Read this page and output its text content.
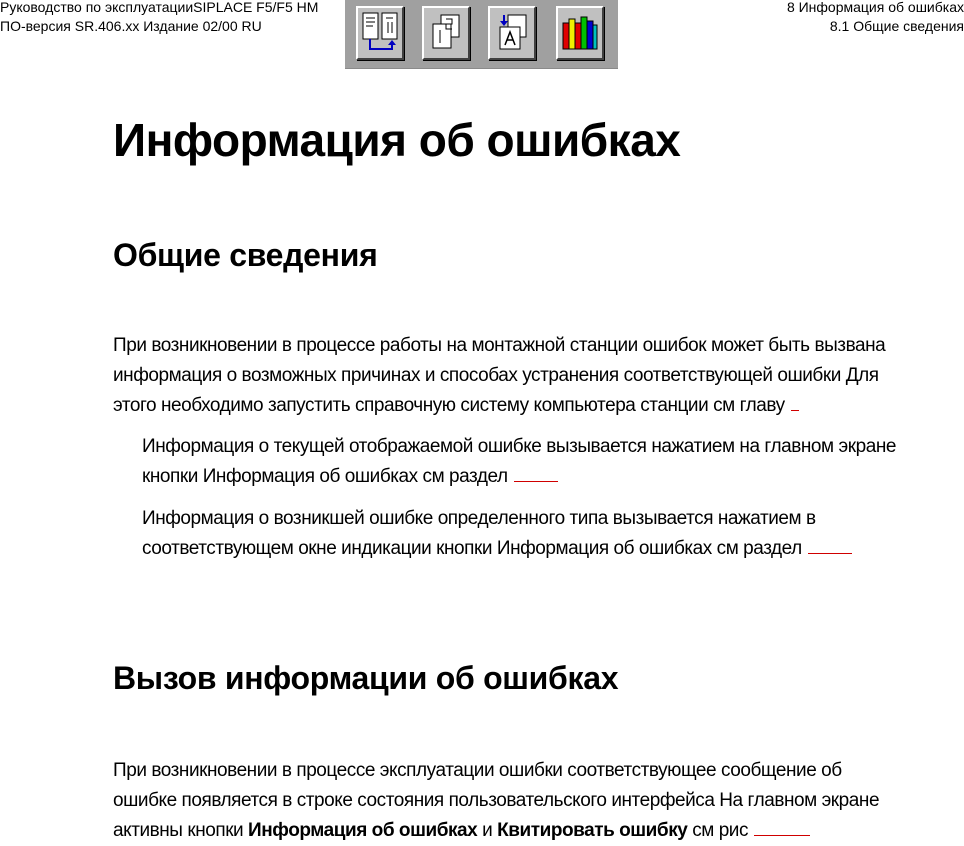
Руководство по эксплуатацииSIPLACE F5/F5 HM
ПО-версия SR.406.xx Издание 02/00 RU
8 Информация об ошибках
8.1 Общие сведения
Информация об ошибках
Общие сведения

При возникновении в процессе работы на монтажной станции ошибок может быть вызвана
информация о возможных причинах и способах устранения соответствующей ошибки Для
этого необходимо запустить справочную систему компьютера станции см главу

Информация о текущей отображаемой ошибке вызывается нажатием на главном экране
кнопки Информация об ошибках см раздел

Информация о возникшей ошибке определенного типа вызывается нажатием в
соответствующем окне индикации кнопки Информация об ошибках см раздел

Вызов информации об ошибках

При возникновении в процессе эксплуатации ошибки соответствующее сообщение об
ошибке появляется в строке состояния пользовательского интерфейса На главном экране
активны кнопки Информация об ошибках и Квитировать ошибку см рис
